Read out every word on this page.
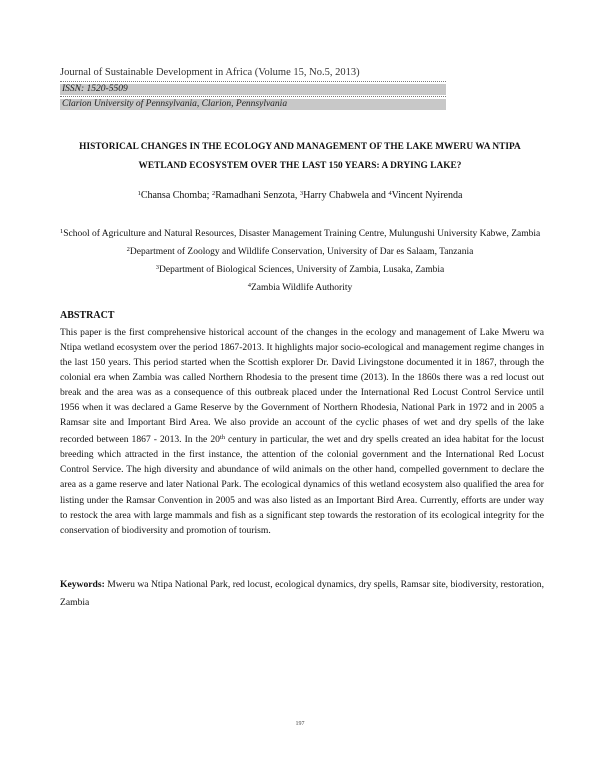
Journal of Sustainable Development in Africa (Volume 15, No.5, 2013)
ISSN: 1520-5509
Clarion University of Pennsylvania, Clarion, Pennsylvania
HISTORICAL CHANGES IN THE ECOLOGY AND MANAGEMENT OF THE LAKE MWERU WA NTIPA
WETLAND ECOSYSTEM OVER THE LAST 150 YEARS: A DRYING LAKE?
$^1$Chansa Chomba; $^2$Ramadhani Senzota, $^3$Harry Chabwela and $^4$Vincent Nyirenda
$^1$School of Agriculture and Natural Resources, Disaster Management Training Centre, Mulungushi University Kabwe, Zambia
$^2$Department of Zoology and Wildlife Conservation, University of Dar es Salaam, Tanzania
$^3$Department of Biological Sciences, University of Zambia, Lusaka, Zambia
$^4$Zambia Wildlife Authority
ABSTRACT

This paper is the first comprehensive historical account of the changes in the ecology and management of Lake Mweru wa Ntipa wetland ecosystem over the period 1867-2013. It highlights major socio-ecological and management regime changes in the last 150 years. This period started when the Scottish explorer Dr. David Livingstone documented it in 1867, through the colonial era when Zambia was called Northern Rhodesia to the present time (2013). In the 1860s there was a red locust out break and the area was as a consequence of this outbreak placed under the International Red Locust Control Service until 1956 when it was declared a Game Reserve by the Government of Northern Rhodesia, National Park in 1972 and in 2005 a Ramsar site and Important Bird Area. We also provide an account of the cyclic phases of wet and dry spells of the lake recorded between 1867 - 2013. In the 20th century in particular, the wet and dry spells created an idea habitat for the locust breeding which attracted in the first instance, the attention of the colonial government and the International Red Locust Control Service. The high diversity and abundance of wild animals on the other hand, compelled government to declare the area as a game reserve and later National Park. The ecological dynamics of this wetland ecosystem also qualified the area for listing under the Ramsar Convention in 2005 and was also listed as an Important Bird Area. Currently, efforts are under way to restock the area with large mammals and fish as a significant step towards the restoration of its ecological integrity for the conservation of biodiversity and promotion of tourism.

Keywords: Mweru wa Ntipa National Park, red locust, ecological dynamics, dry spells, Ramsar site, biodiversity, restoration, Zambia

197
